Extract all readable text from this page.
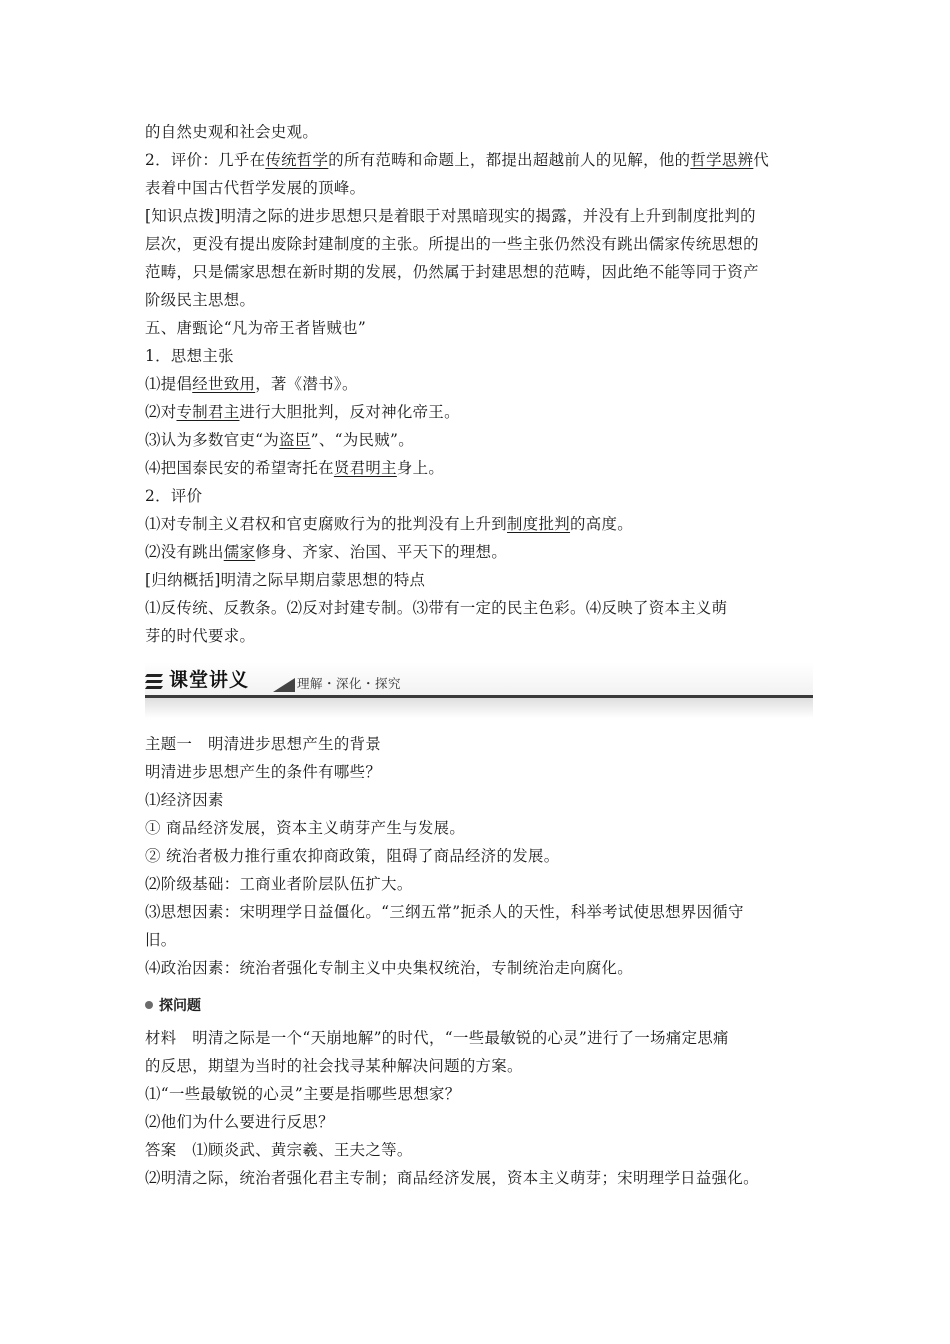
的自然史观和社会史观。
2．评价：几乎在传统哲学的所有范畴和命题上，都提出超越前人的见解，他的哲学思辨代
表着中国古代哲学发展的顶峰。
[知识点拨]明清之际的进步思想只是着眼于对黑暗现实的揭露，并没有上升到制度批判的
层次，更没有提出废除封建制度的主张。所提出的一些主张仍然没有跳出儒家传统思想的
范畴，只是儒家思想在新时期的发展，仍然属于封建思想的范畴，因此绝不能等同于资产
阶级民主思想。
五、唐甄论“凡为帝王者皆贼也”
1．思想主张
⑴提倡经世致用，著《潜书》。
⑵对专制君主进行大胆批判，反对神化帝王。
⑶认为多数官吏“为盗臣”、“为民贼”。
⑷把国泰民安的希望寄托在贤君明主身上。
2．评价
⑴对专制主义君权和官吏腐败行为的批判没有上升到制度批判的高度。
⑵没有跳出儒家修身、齐家、治国、平天下的理想。
[归纳概括]明清之际早期启蒙思想的特点
⑴反传统、反教条。⑵反对封建专制。⑶带有一定的民主色彩。⑷反映了资本主义萌
芽的时代要求。
课堂讲义	理解・深化・探究
主题一　明清进步思想产生的背景
明清进步思想产生的条件有哪些？
⑴经济因素
① 商品经济发展，资本主义萌芽产生与发展。
② 统治者极力推行重农抑商政策，阻碍了商品经济的发展。
⑵阶级基础：工商业者阶层队伍扩大。
⑶思想因素：宋明理学日益僵化。“三纲五常”扼杀人的天性，科举考试使思想界因循守
旧。
⑷政治因素：统治者强化专制主义中央集权统治，专制统治走向腐化。
探问题
材料　明清之际是一个“天崩地解”的时代，“一些最敏锐的心灵”进行了一场痛定思痛
的反思，期望为当时的社会找寻某种解决问题的方案。
⑴“一些最敏锐的心灵”主要是指哪些思想家？
⑵他们为什么要进行反思？
答案　⑴顾炎武、黄宗羲、王夫之等。
⑵明清之际，统治者强化君主专制；商品经济发展，资本主义萌芽；宋明理学日益强化。
